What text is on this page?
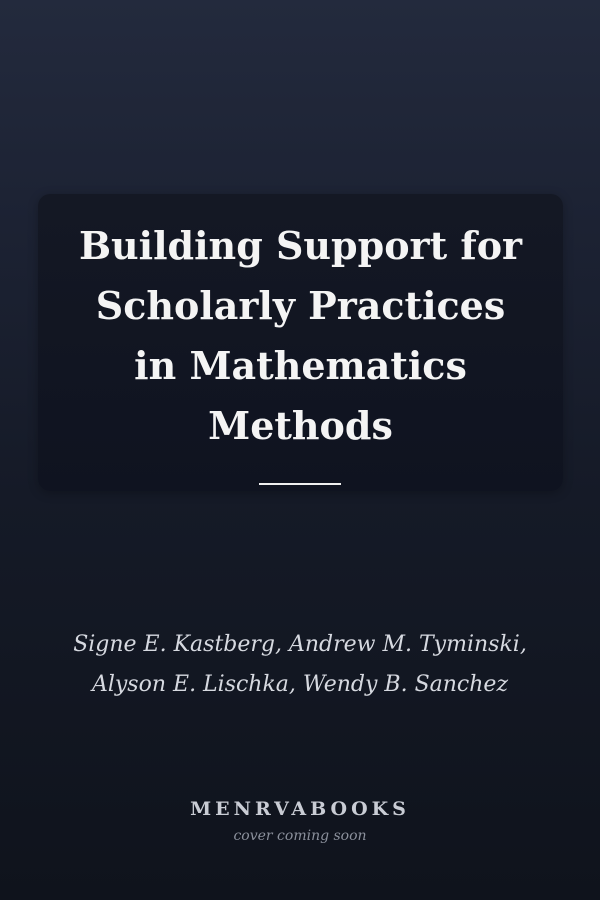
Building Support for
Scholarly Practices
in Mathematics
Methods
Signe E. Kastberg, Andrew M. Tyminski,
Alyson E. Lischka, Wendy B. Sanchez
MENRVABOOKS
cover coming soon
